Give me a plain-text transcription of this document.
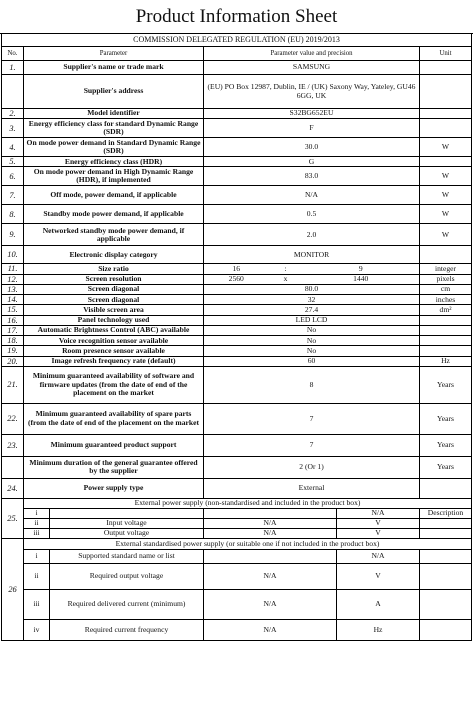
Product Information Sheet
COMMISSION DELEGATED REGULATION (EU) 2019/2013							
No.	Parameter		Parameter value and precision				Unit
1.	Supplier's name or trade mark		SAMSUNG				
	Supplier's address		(EU) PO Box 12987, Dublin, IE / (UK) Saxony Way, Yateley, GU46 6GG, UK				
2.	Model identifier		S32BG652EU				
3.	Energy efficiency class for standard Dynamic Range (SDR)		F				
4.	On mode power demand in Standard Dynamic Range (SDR)		30.0				W
5.	Energy efficiency class (HDR)		G				
6.	On mode power demand in High Dynamic Range (HDR), if implemented		83.0				W
7.	Off mode, power demand, if applicable		N/A				W
8.	Standby mode power demand, if applicable		0.5				W
9.	Networked standby mode power demand, if applicable		2.0				W
10.	Electronic display category		MONITOR				
11.	Size ratio		16	:	9		integer
12.	Screen resolution		2560	x	1440		pixels
13.	Screen diagonal		80.0				cm
14.	Screen diagonal		32				inches
15.	Visible screen area		27.4				dm²
16.	Panel technology used		LED LCD				
17.	Automatic Brightness Control (ABC) available		No				
18.	Voice recognition sensor available		No				
19.	Room presence sensor available		No				
20.	Image refresh frequency rate (default)		60				Hz
21.	Minimum guaranteed availability of software and firmware updates (from the date of end of the placement on the market		8				Years
22.	Minimum guaranteed availability of spare parts (from the date of end of the placement on the market		7				Years
23.	Minimum guaranteed product support		7				Years
	Minimum duration of the general guarantee offered by the supplier		2 (Or 1)				Years
24.	Power supply type		External				
25.	External power supply (non-standardised and included in the product box)						
	i					N/A	Description
	ii	Input voltage	N/A			V	
	iii	Output voltage	N/A			V	
26	External standardised power supply (or suitable one if not included in the product box)						
	i	Supported standard name or list				N/A	
	ii	Required output voltage	N/A			V	
	iii	Required delivered current (minimum)	N/A			A	
	iv	Required current frequency	N/A			Hz	
